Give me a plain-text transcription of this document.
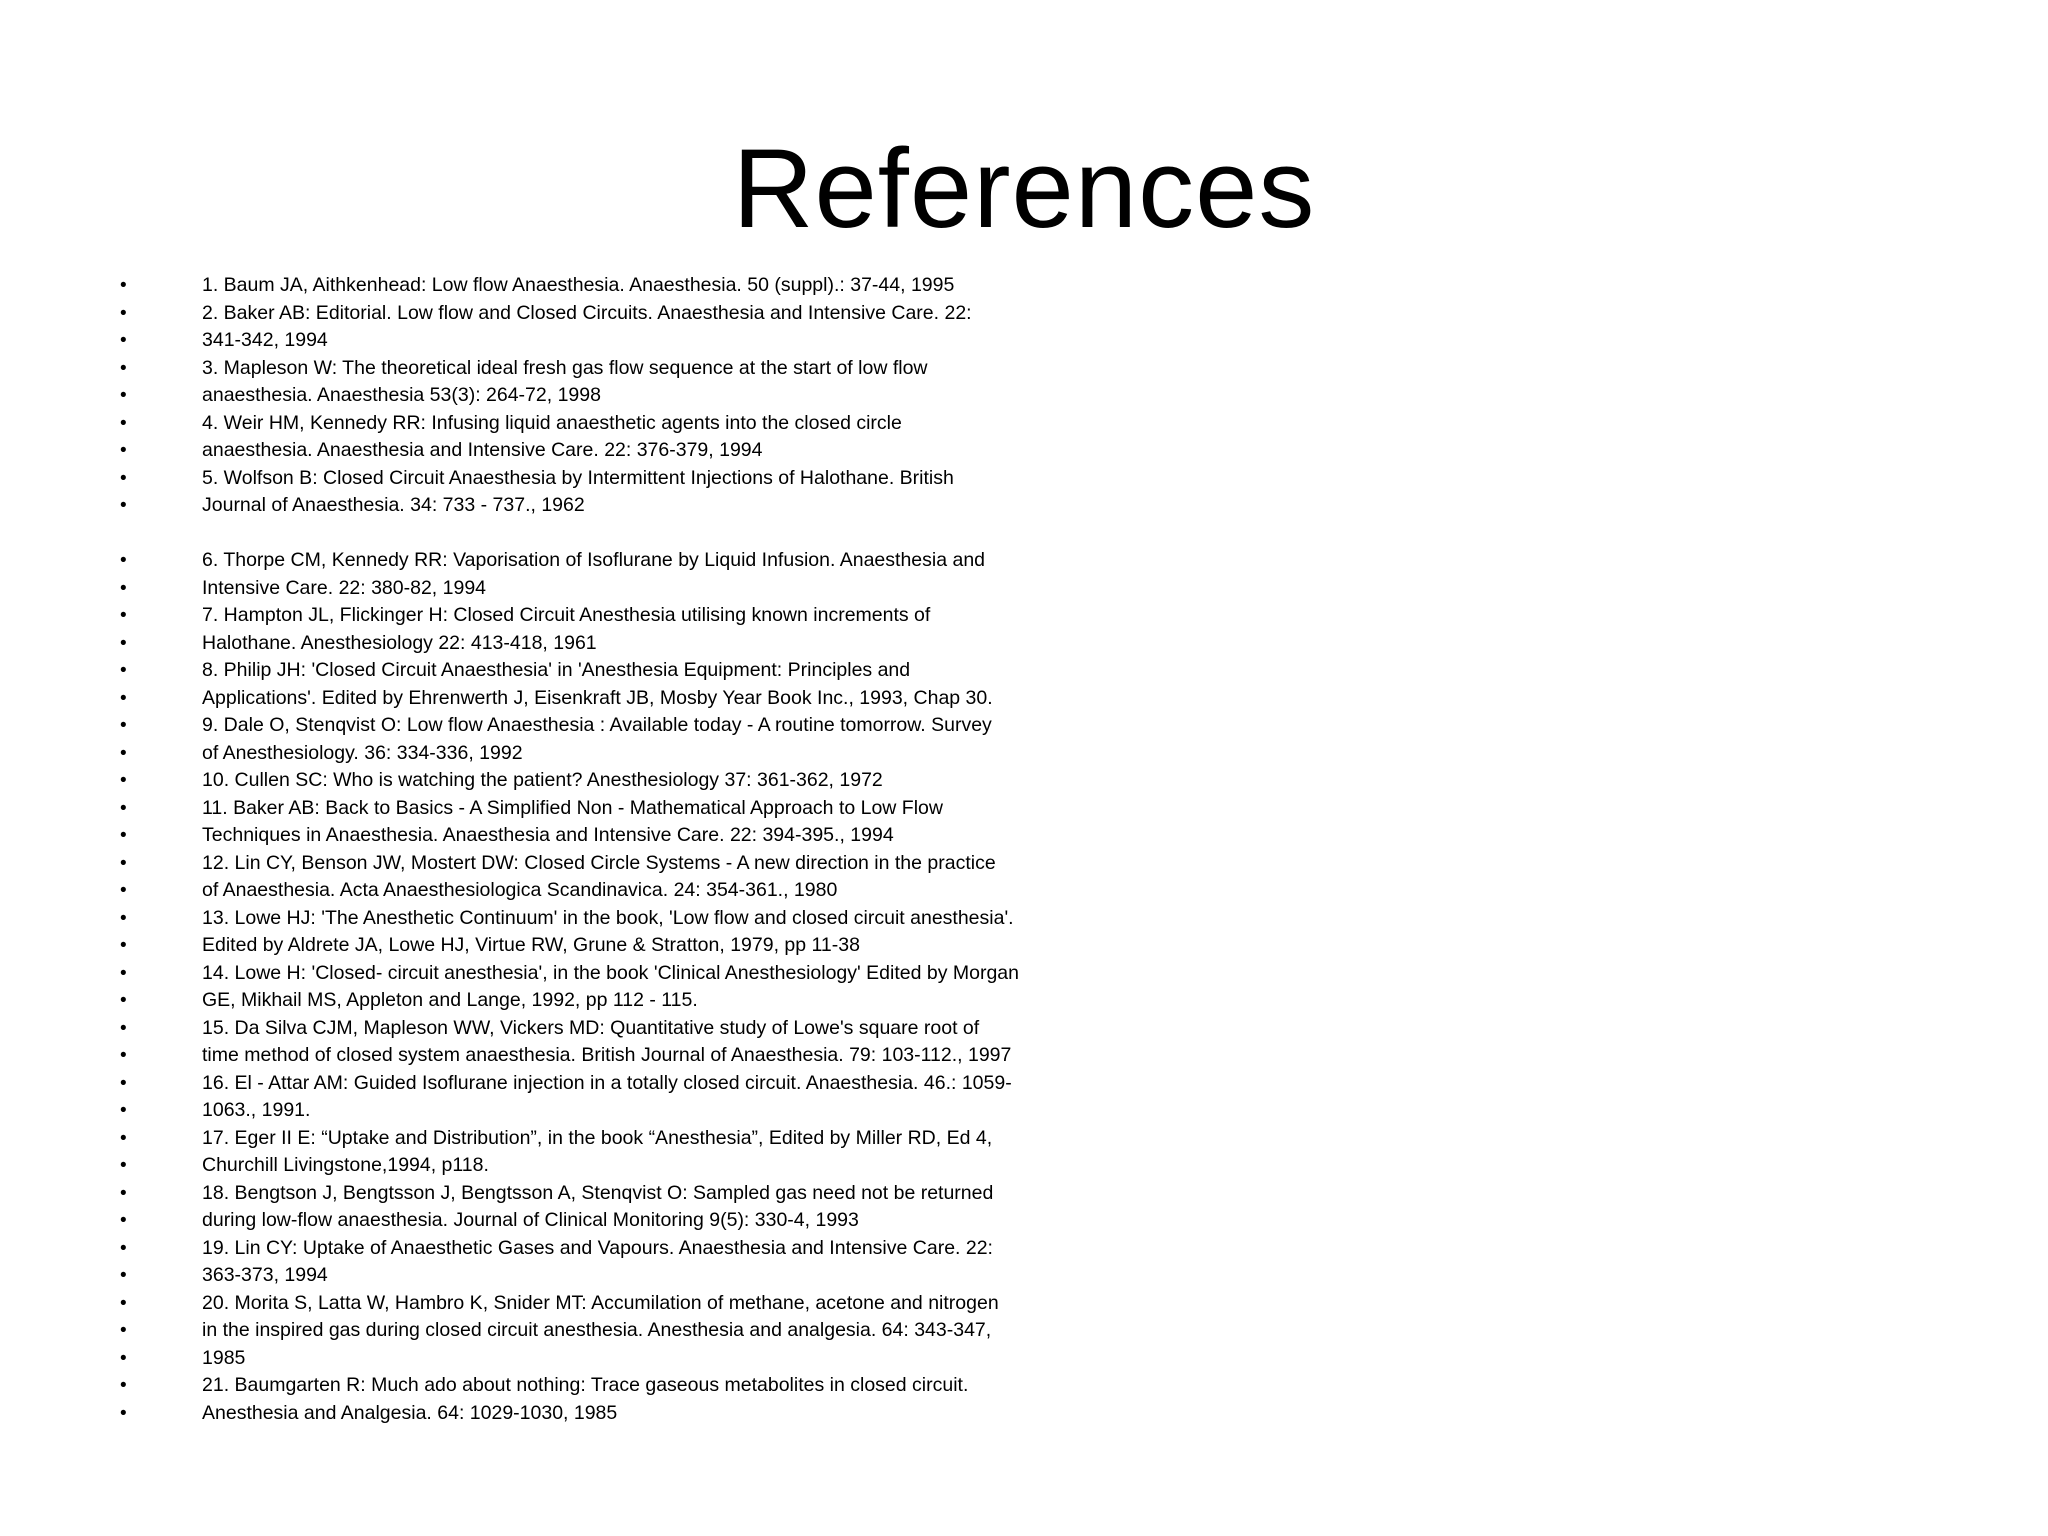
References
•	1. Baum JA, Aithkenhead: Low flow Anaesthesia. Anaesthesia. 50 (suppl).: 37-44, 1995
•	2. Baker AB: Editorial. Low flow and Closed Circuits. Anaesthesia and Intensive Care. 22:
•	341-342, 1994
•	3. Mapleson W: The theoretical ideal fresh gas flow sequence at the start of low flow
•	anaesthesia. Anaesthesia 53(3): 264-72, 1998
•	4. Weir HM, Kennedy RR: Infusing liquid anaesthetic agents into the closed circle
•	anaesthesia. Anaesthesia and Intensive Care. 22: 376-379, 1994
•	5. Wolfson B: Closed Circuit Anaesthesia by Intermittent Injections of Halothane. British
•	Journal of Anaesthesia. 34: 733 - 737., 1962
•	6. Thorpe CM, Kennedy RR: Vaporisation of Isoflurane by Liquid Infusion. Anaesthesia and
•	Intensive Care. 22: 380-82, 1994
•	7. Hampton JL, Flickinger H: Closed Circuit Anesthesia utilising known increments of
•	Halothane. Anesthesiology 22: 413-418, 1961
•	8. Philip JH: 'Closed Circuit Anaesthesia' in 'Anesthesia Equipment: Principles and
•	Applications'. Edited by Ehrenwerth J, Eisenkraft JB, Mosby Year Book Inc., 1993, Chap 30.
•	9. Dale O, Stenqvist O: Low flow Anaesthesia : Available today - A routine tomorrow. Survey
•	of Anesthesiology. 36: 334-336, 1992
•	10. Cullen SC: Who is watching the patient? Anesthesiology 37: 361-362, 1972
•	11. Baker AB: Back to Basics - A Simplified Non - Mathematical Approach to Low Flow
•	Techniques in Anaesthesia. Anaesthesia and Intensive Care. 22: 394-395., 1994
•	12. Lin CY, Benson JW, Mostert DW: Closed Circle Systems - A new direction in the practice
•	of Anaesthesia. Acta Anaesthesiologica Scandinavica. 24: 354-361., 1980
•	13. Lowe HJ: 'The Anesthetic Continuum' in the book, 'Low flow and closed circuit anesthesia'.
•	Edited by Aldrete JA, Lowe HJ, Virtue RW, Grune & Stratton, 1979, pp 11-38
•	14. Lowe H: 'Closed- circuit anesthesia', in the book 'Clinical Anesthesiology' Edited by Morgan
•	GE, Mikhail MS, Appleton and Lange, 1992, pp 112 - 115.
•	15. Da Silva CJM, Mapleson WW, Vickers MD: Quantitative study of Lowe's square root of
•	time method of closed system anaesthesia. British Journal of Anaesthesia. 79: 103-112., 1997
•	16. El - Attar AM: Guided Isoflurane injection in a totally closed circuit. Anaesthesia. 46.: 1059-
•	1063., 1991.
•	17. Eger II E: “Uptake and Distribution”, in the book “Anesthesia”, Edited by Miller RD, Ed 4,
•	Churchill Livingstone,1994, p118.
•	18. Bengtson J, Bengtsson J, Bengtsson A, Stenqvist O: Sampled gas need not be returned
•	during low-flow anaesthesia. Journal of Clinical Monitoring 9(5): 330-4, 1993
•	19. Lin CY: Uptake of Anaesthetic Gases and Vapours. Anaesthesia and Intensive Care. 22:
•	363-373, 1994
•	20. Morita S, Latta W, Hambro K, Snider MT: Accumilation of methane, acetone and nitrogen
•	in the inspired gas during closed circuit anesthesia. Anesthesia and analgesia. 64: 343-347,
•	1985
•	21. Baumgarten R: Much ado about nothing: Trace gaseous metabolites in closed circuit.
•	Anesthesia and Analgesia. 64: 1029-1030, 1985
